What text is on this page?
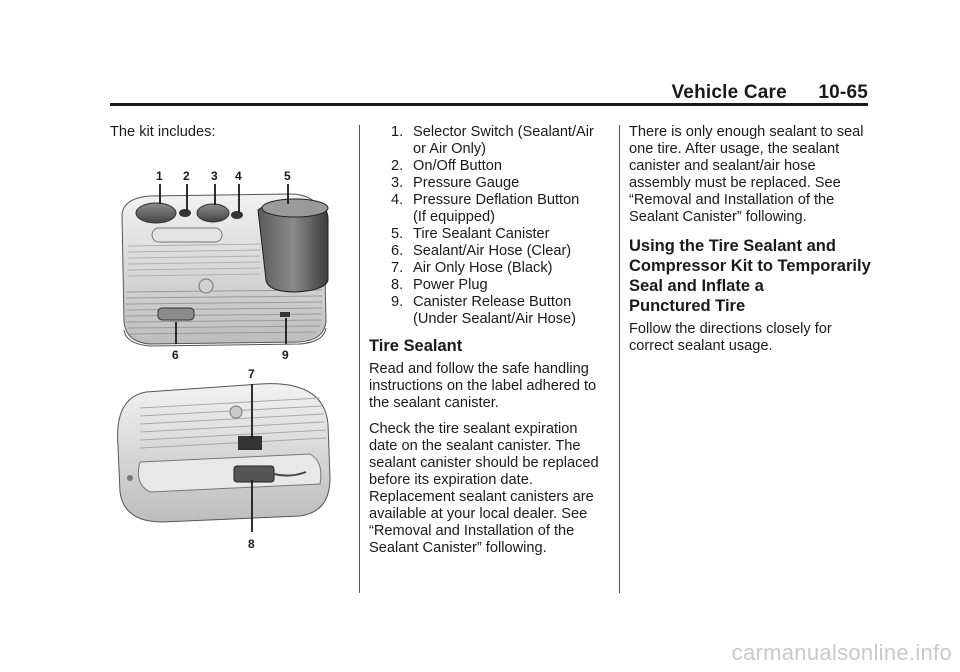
Vehicle Care 10-65

The kit includes:

1 2 3 4	5
6
7
8
9
1. Selector Switch (Sealant/Air
or Air Only)
2. On/Off Button
3. Pressure Gauge
4. Pressure Deflation Button
(If equipped)
5. Tire Sealant Canister
6. Sealant/Air Hose (Clear)
7. Air Only Hose (Black)
8. Power Plug
9. Canister Release Button
(Under Sealant/Air Hose)
Tire Sealant

Read and follow the safe handling instructions on the label adhered to the sealant canister.

Check the tire sealant expiration date on the sealant canister. The sealant canister should be replaced before its expiration date. Replacement sealant canisters are available at your local dealer. See “Removal and Installation of the Sealant Canister” following.

There is only enough sealant to seal one tire. After usage, the sealant canister and sealant/air hose assembly must be replaced. See “Removal and Installation of the Sealant Canister” following.

Using the Tire Sealant and
Compressor Kit to Temporarily
Seal and Inflate a
Punctured Tire

Follow the directions closely for correct sealant usage.

carmanualsonline.info
